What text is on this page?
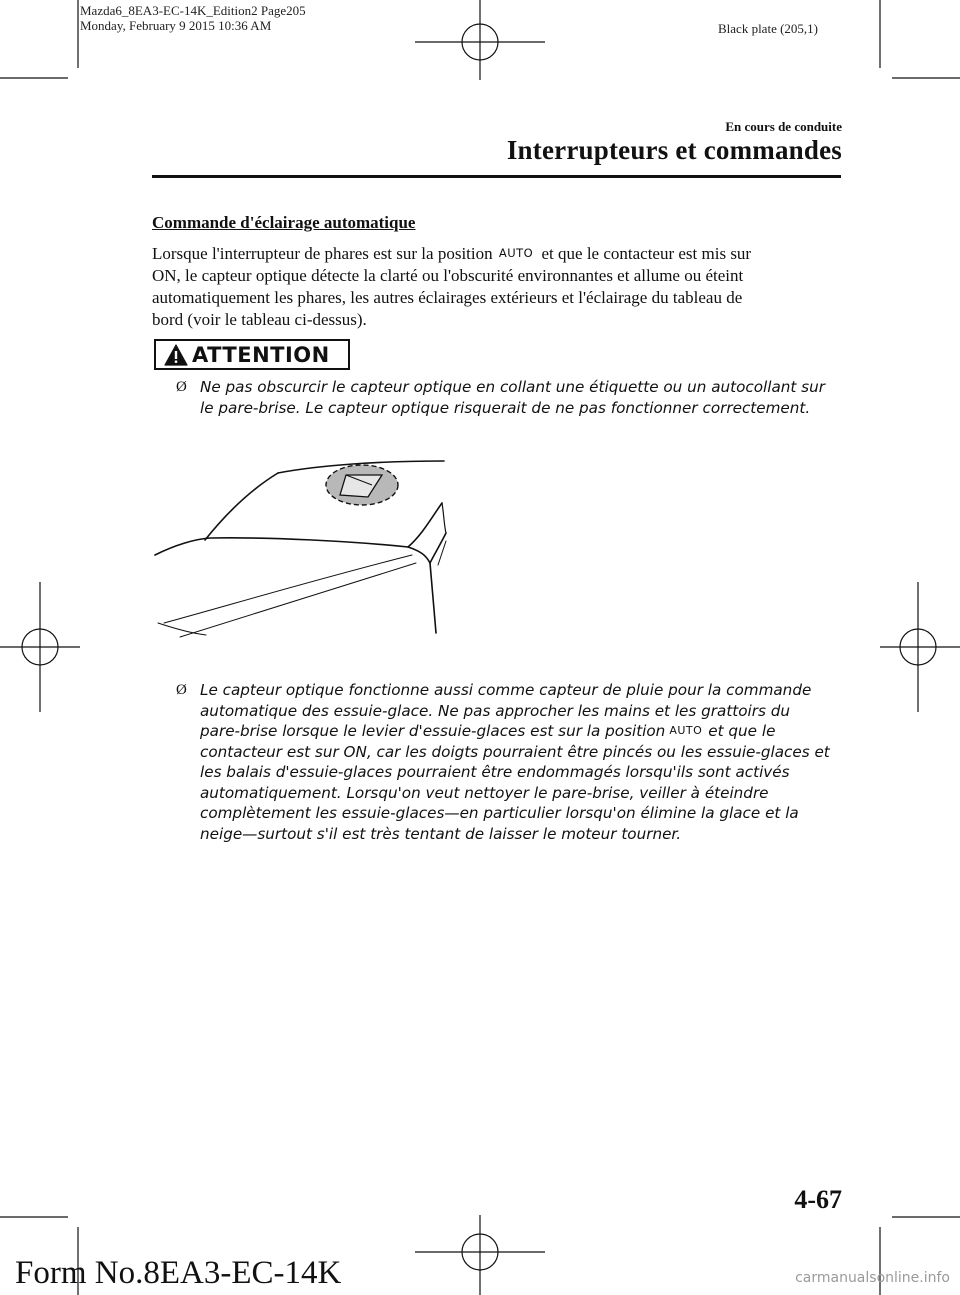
Mazda6_8EA3-EC-14K_Edition2 Page205
Monday, February 9 2015 10:36 AM	Black plate (205,1)
En cours de conduite
Interrupteurs et commandes
Commande d'éclairage automatique
Lorsque l'interrupteur de phares est sur la position AUTO et que le contacteur est mis sur
ON, le capteur optique détecte la clarté ou l'obscurité environnantes et allume ou éteint
automatiquement les phares, les autres éclairages extérieurs et l'éclairage du tableau de
bord (voir le tableau ci-dessus).
ATTENTION
Ø Ne pas obscurcir le capteur optique en collant une étiquette ou un autocollant sur
le pare-brise. Le capteur optique risquerait de ne pas fonctionner correctement.
Ø Le capteur optique fonctionne aussi comme capteur de pluie pour la commande
automatique des essuie-glace. Ne pas approcher les mains et les grattoirs du
pare-brise lorsque le levier d'essuie-glaces est sur la position AUTO et que le
contacteur est sur ON, car les doigts pourraient être pincés ou les essuie-glaces et
les balais d'essuie-glaces pourraient être endommagés lorsqu'ils sont activés
automatiquement. Lorsqu'on veut nettoyer le pare-brise, veiller à éteindre
complètement les essuie-glaces—en particulier lorsqu'on élimine la glace et la
neige—surtout s'il est très tentant de laisser le moteur tourner.
4-67
Form No.8EA3-EC-14K	carmanualsonline.info
